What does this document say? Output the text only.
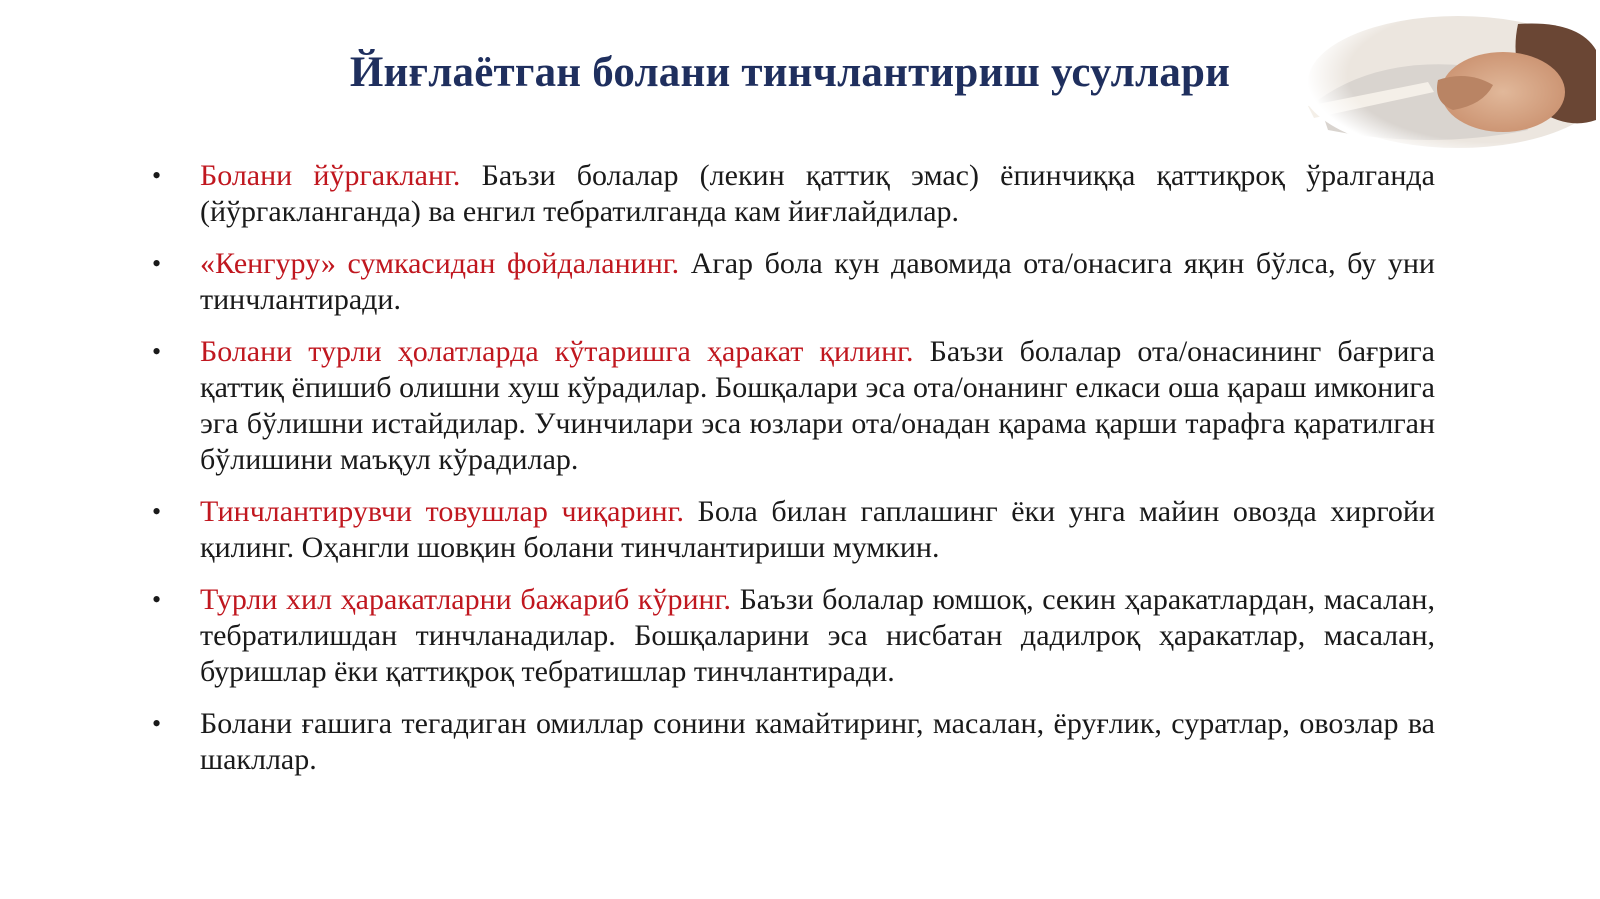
Йиғлаётган болани тинчлантириш усуллари
• Болани йўргакланг. Баъзи болалар (лекин қаттиқ эмас) ёпинчиққа қаттиқроқ ўралганда (йўргакланганда) ва енгил тебратилганда кам йиғлайдилар.
• «Кенгуру» сумкасидан фойдаланинг. Агар бола кун давомида ота/онасига яқин бўлса, бу уни тинчлантиради.
• Болани турли ҳолатларда кўтаришга ҳаракат қилинг. Баъзи болалар ота/онасининг бағрига қаттиқ ёпишиб олишни хуш кўрадилар. Бошқалари эса ота/онанинг елкаси оша қараш имконига эга бўлишни истайдилар. Учинчилари эса юзлари ота/онадан қарама қарши тарафга қаратилган бўлишини маъқул кўрадилар.
• Тинчлантирувчи товушлар чиқаринг. Бола билан гаплашинг ёки унга майин овозда хиргойи қилинг. Оҳангли шовқин болани тинчлантириши мумкин.
• Турли хил ҳаракатларни бажариб кўринг. Баъзи болалар юмшоқ, секин ҳаракатлардан, масалан, тебратилишдан тинчланадилар. Бошқаларини эса нисбатан дадилроқ ҳаракатлар, масалан, буришлар ёки қаттиқроқ тебратишлар тинчлантиради.
• Болани ғашига тегадиган омиллар сонини камайтиринг, масалан, ёруғлик, суратлар, овозлар ва шакллар.
